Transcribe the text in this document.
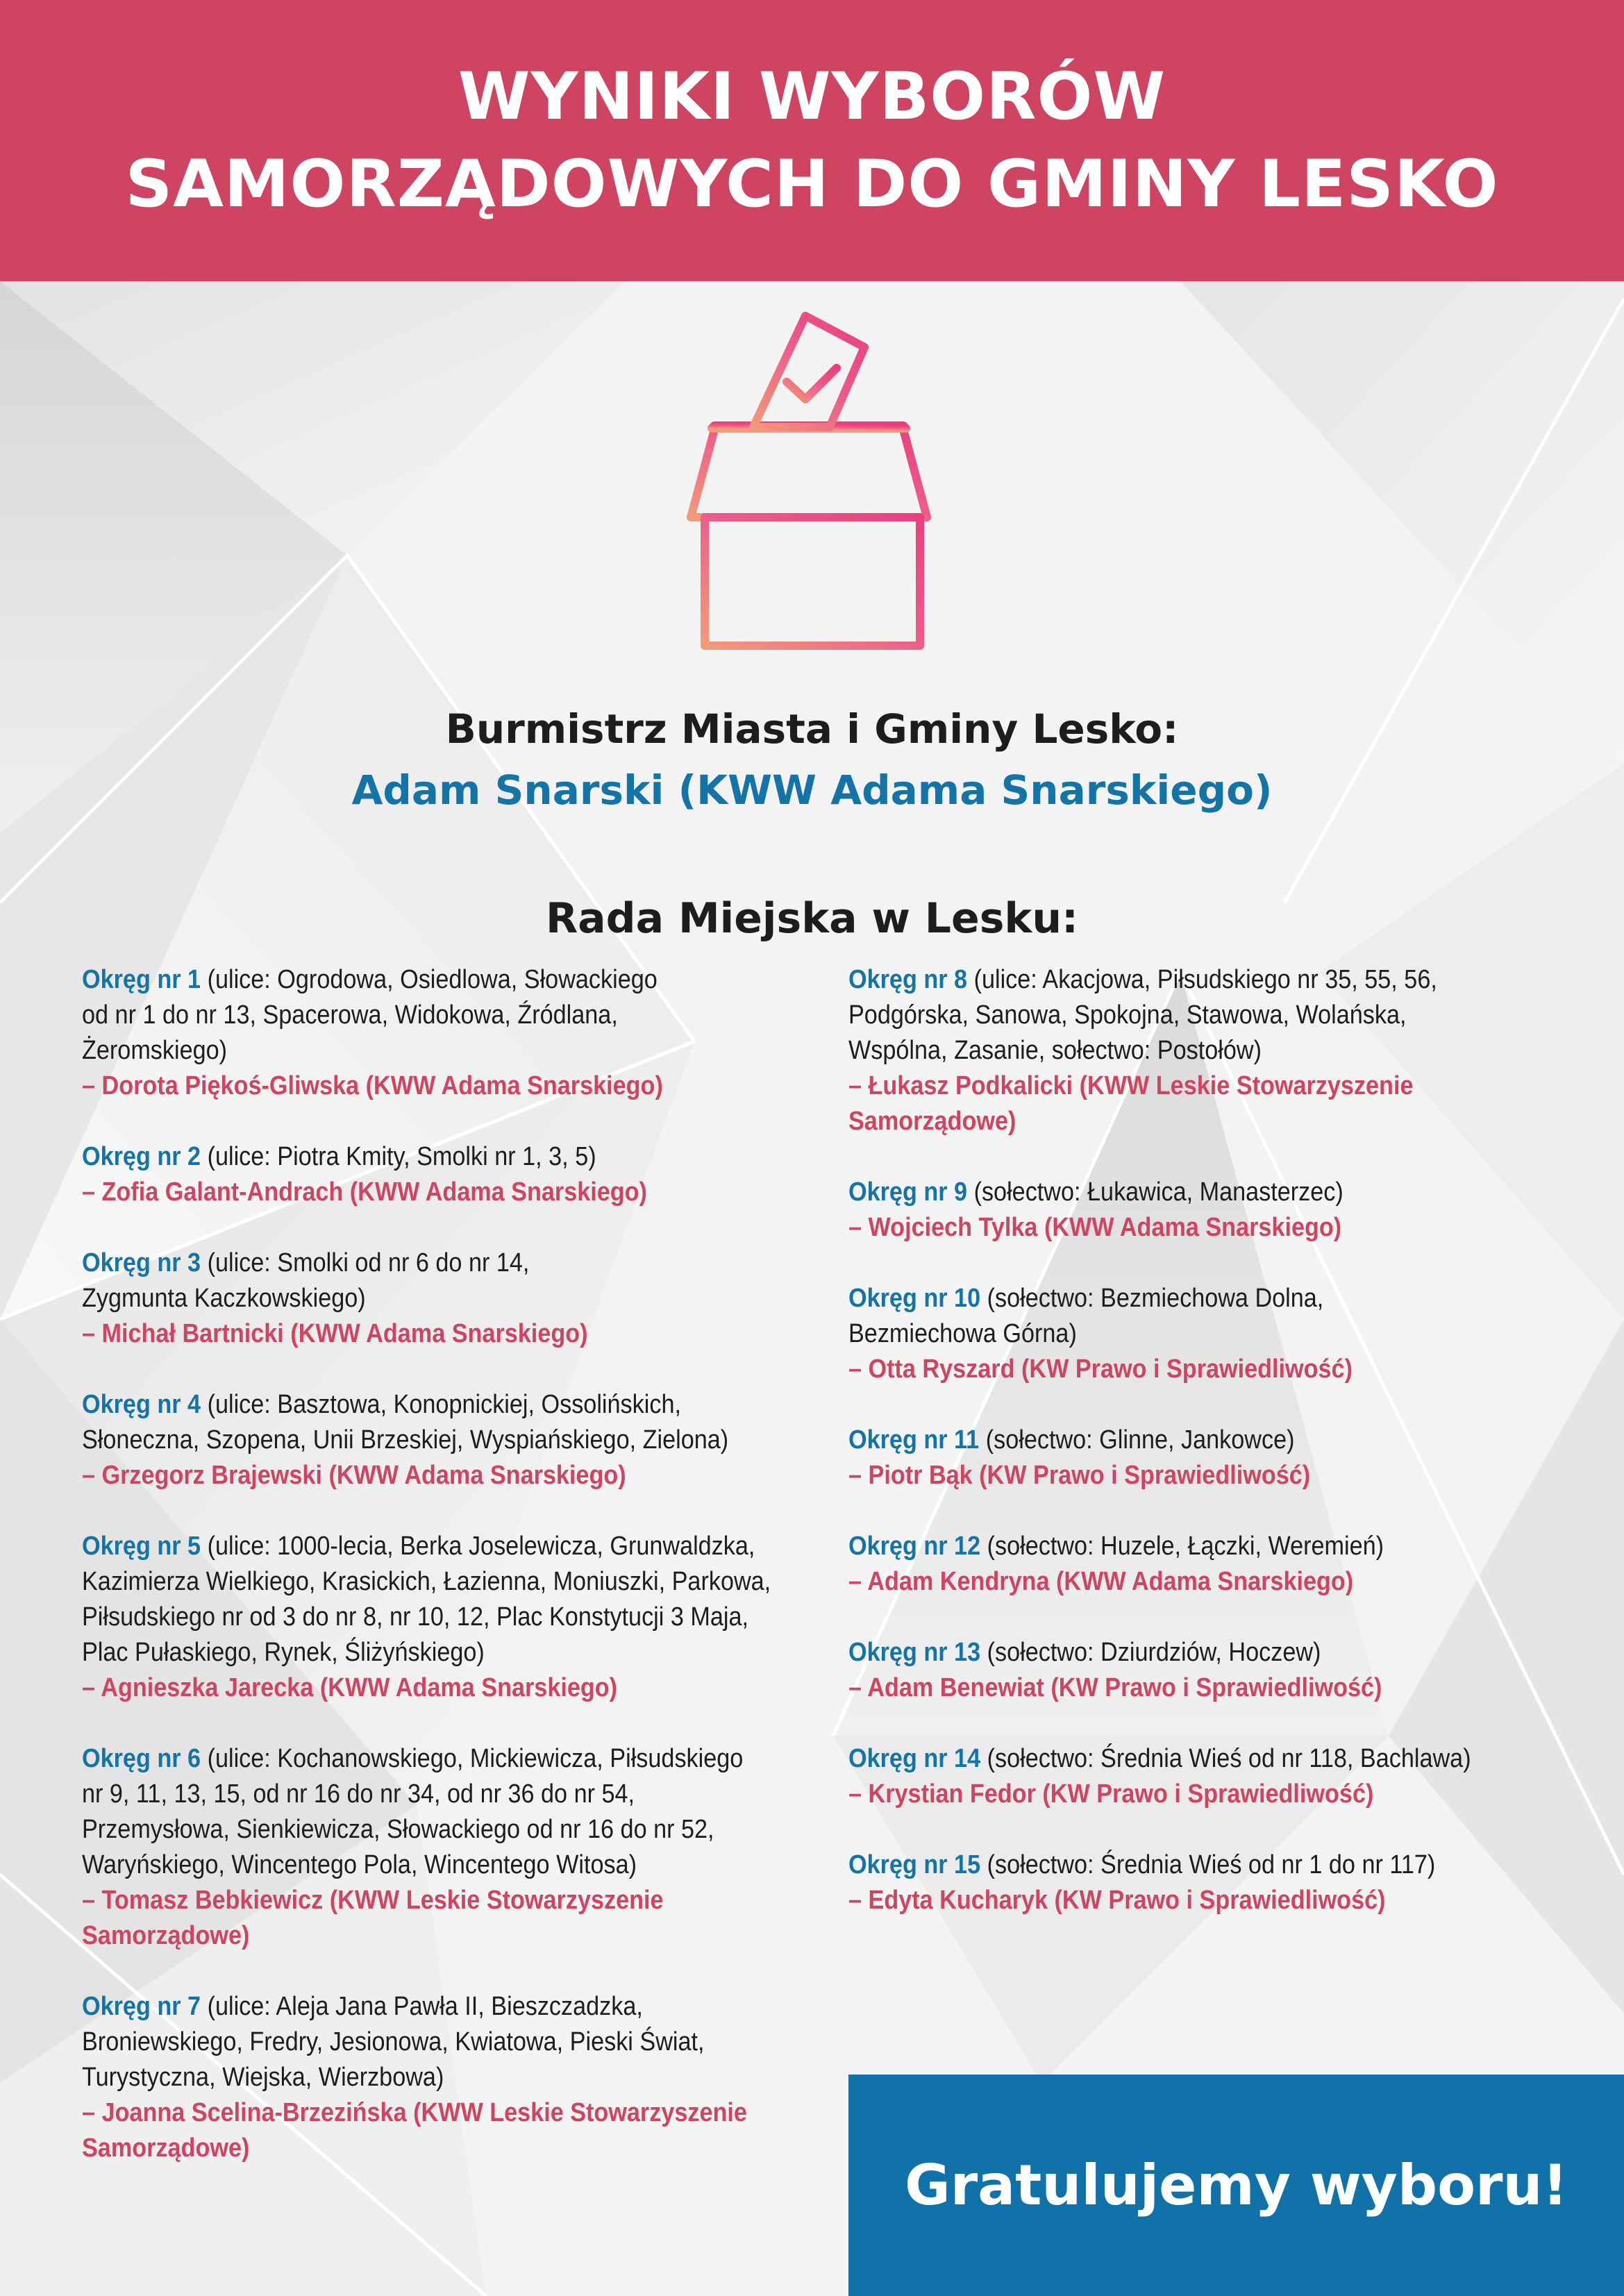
WYNIKI WYBORÓW
SAMORZĄDOWYCH DO GMINY LESKO

Burmistrz Miasta i Gminy Lesko:

Adam Snarski (KWW Adama Snarskiego)

Rada Miejska w Lesku:

Okręg nr 1 (ulice: Ogrodowa, Osiedlowa, Słowackiego
od nr 1 do nr 13, Spacerowa, Widokowa, Źródlana,
Żeromskiego)
– Dorota Piękoś-Gliwska (KWW Adama Snarskiego)
Okręg nr 2 (ulice: Piotra Kmity, Smolki nr 1, 3, 5)
– Zofia Galant-Andrach (KWW Adama Snarskiego)
Okręg nr 3 (ulice: Smolki od nr 6 do nr 14,
Zygmunta Kaczkowskiego)
– Michał Bartnicki (KWW Adama Snarskiego)
Okręg nr 4 (ulice: Basztowa, Konopnickiej, Ossolińskich,
Słoneczna, Szopena, Unii Brzeskiej, Wyspiańskiego, Zielona)
– Grzegorz Brajewski (KWW Adama Snarskiego)
Okręg nr 5 (ulice: 1000-lecia, Berka Joselewicza, Grunwaldzka,
Kazimierza Wielkiego, Krasickich, Łazienna, Moniuszki, Parkowa,
Piłsudskiego nr od 3 do nr 8, nr 10, 12, Plac Konstytucji 3 Maja,
Plac Pułaskiego, Rynek, Śliżyńskiego)
– Agnieszka Jarecka (KWW Adama Snarskiego)
Okręg nr 6 (ulice: Kochanowskiego, Mickiewicza, Piłsudskiego
nr 9, 11, 13, 15, od nr 16 do nr 34, od nr 36 do nr 54,
Przemysłowa, Sienkiewicza, Słowackiego od nr 16 do nr 52,
Waryńskiego, Wincentego Pola, Wincentego Witosa)
– Tomasz Bebkiewicz (KWW Leskie Stowarzyszenie
Samorządowe)
Okręg nr 7 (ulice: Aleja Jana Pawła II, Bieszczadzka,
Broniewskiego, Fredry, Jesionowa, Kwiatowa, Pieski Świat,
Turystyczna, Wiejska, Wierzbowa)
– Joanna Scelina-Brzezińska (KWW Leskie Stowarzyszenie
Samorządowe)
Okręg nr 8 (ulice: Akacjowa, Piłsudskiego nr 35, 55, 56,
Podgórska, Sanowa, Spokojna, Stawowa, Wolańska,
Wspólna, Zasanie, sołectwo: Postołów)
– Łukasz Podkalicki (KWW Leskie Stowarzyszenie
Samorządowe)
Okręg nr 9 (sołectwo: Łukawica, Manasterzec)
– Wojciech Tylka (KWW Adama Snarskiego)
Okręg nr 10 (sołectwo: Bezmiechowa Dolna,
Bezmiechowa Górna)
– Otta Ryszard (KW Prawo i Sprawiedliwość)
Okręg nr 11 (sołectwo: Glinne, Jankowce)
– Piotr Bąk (KW Prawo i Sprawiedliwość)
Okręg nr 12 (sołectwo: Huzele, Łączki, Weremień)
– Adam Kendryna (KWW Adama Snarskiego)
Okręg nr 13 (sołectwo: Dziurdziów, Hoczew)
– Adam Benewiat (KW Prawo i Sprawiedliwość)
Okręg nr 14 (sołectwo: Średnia Wieś od nr 118, Bachlawa)
– Krystian Fedor (KW Prawo i Sprawiedliwość)
Okręg nr 15 (sołectwo: Średnia Wieś od nr 1 do nr 117)
– Edyta Kucharyk (KW Prawo i Sprawiedliwość)
Gratulujemy wyboru!
